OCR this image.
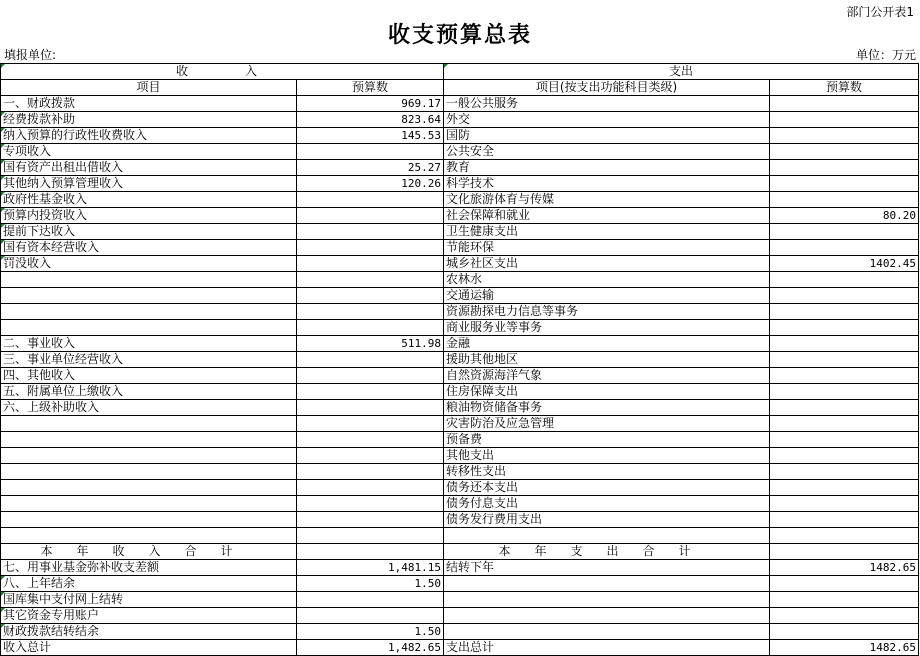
部门公开表1
收支预算总表
填报单位:	单位：万元
收　　入		支出	
项目	预算数	项目(按支出功能科目类级)	预算数
一、财政拨款	969.17	一般公共服务	
经费拨款补助	823.64	外交	
纳入预算的行政性收费收入	145.53	国防	
专项收入		公共安全	
国有资产出租出借收入	25.27	教育	
其他纳入预算管理收入	120.26	科学技术	
政府性基金收入		文化旅游体育与传媒	
预算内投资收入		社会保障和就业	80.20
提前下达收入		卫生健康支出	
国有资本经营收入		节能环保	
罚没收入		城乡社区支出	1402.45
		农林水	
		交通运输	
		资源勘探电力信息等事务	
		商业服务业等事务	
二、事业收入	511.98	金融	
三、事业单位经营收入		援助其他地区	
四、其他收入		自然资源海洋气象	
五、附属单位上缴收入		住房保障支出	
六、上级补助收入		粮油物资储备事务	
		灾害防治及应急管理	
		预备费	
		其他支出	
		转移性支出	
		债务还本支出	
		债务付息支出	
		债务发行费用支出	

本年收入合计		本年支出合计	
七、用事业基金弥补收支差额	1,481.15	结转下年	1482.65
八、上年结余	1.50		
国库集中支付网上结转			
其它资金专用账户			
财政拨款结转结余	1.50		
收入总计	1,482.65	支出总计	1482.65
